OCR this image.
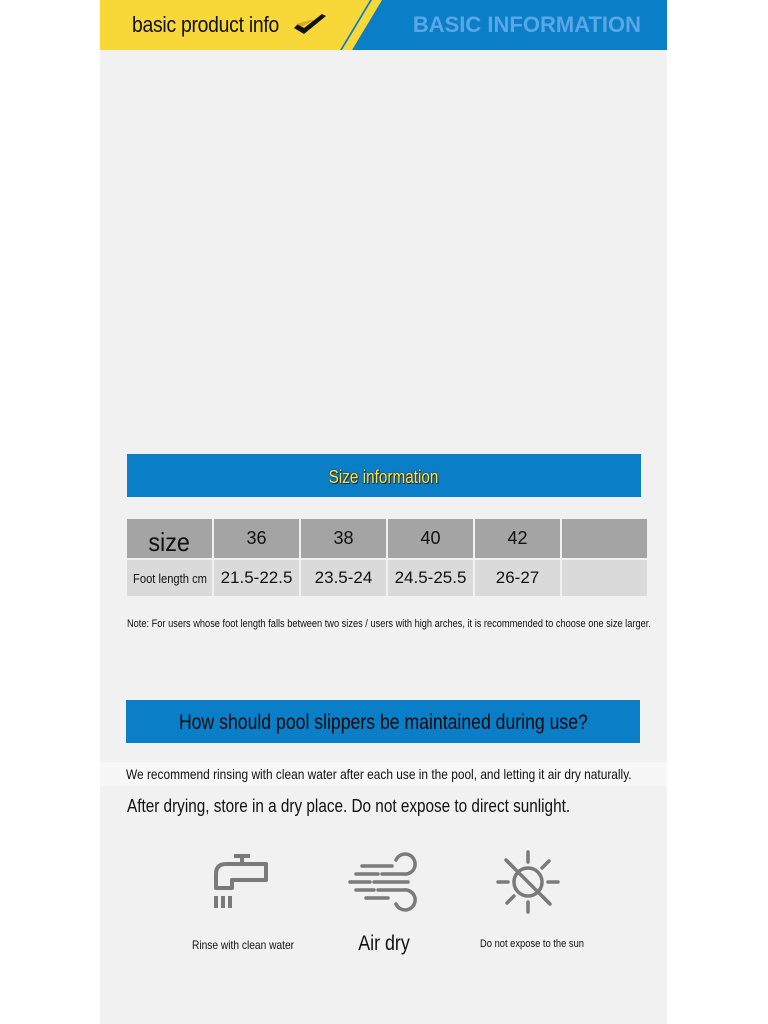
basic product info	BASIC INFORMATION
Size information
size	36	38	40	42	
Foot length cm	21.5-22.5	23.5-24	24.5-25.5	26-27	
Note: For users whose foot length falls between two sizes / users with high arches, it is recommended to choose one size larger.
How should pool slippers be maintained during use?
We recommend rinsing with clean water after each use in the pool, and letting it air dry naturally.
After drying, store in a dry place. Do not expose to direct sunlight.
Rinse with clean water	Air dry	Do not expose to the sun
